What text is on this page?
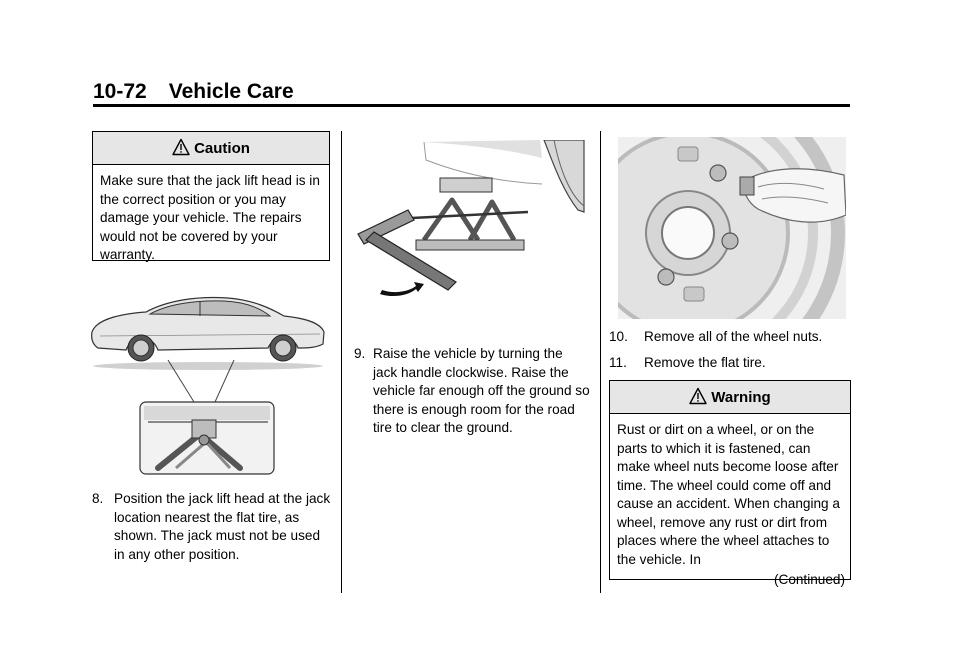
10-72 Vehicle Care
Caution
Make sure that the jack lift head is in the correct position or you may damage your vehicle. The repairs would not be covered by your warranty.
8. Position the jack lift head at the jack location nearest the flat tire, as shown. The jack must not be used in any other position.
9. Raise the vehicle by turning the jack handle clockwise. Raise the vehicle far enough off the ground so there is enough room for the road tire to clear the ground.
10.	Remove all of the wheel nuts.
11.	Remove the flat tire.
Warning
Rust or dirt on a wheel, or on the parts to which it is fastened, can make wheel nuts become loose after time. The wheel could come off and cause an accident. When changing a wheel, remove any rust or dirt from places where the wheel attaches to the vehicle. In
(Continued)
